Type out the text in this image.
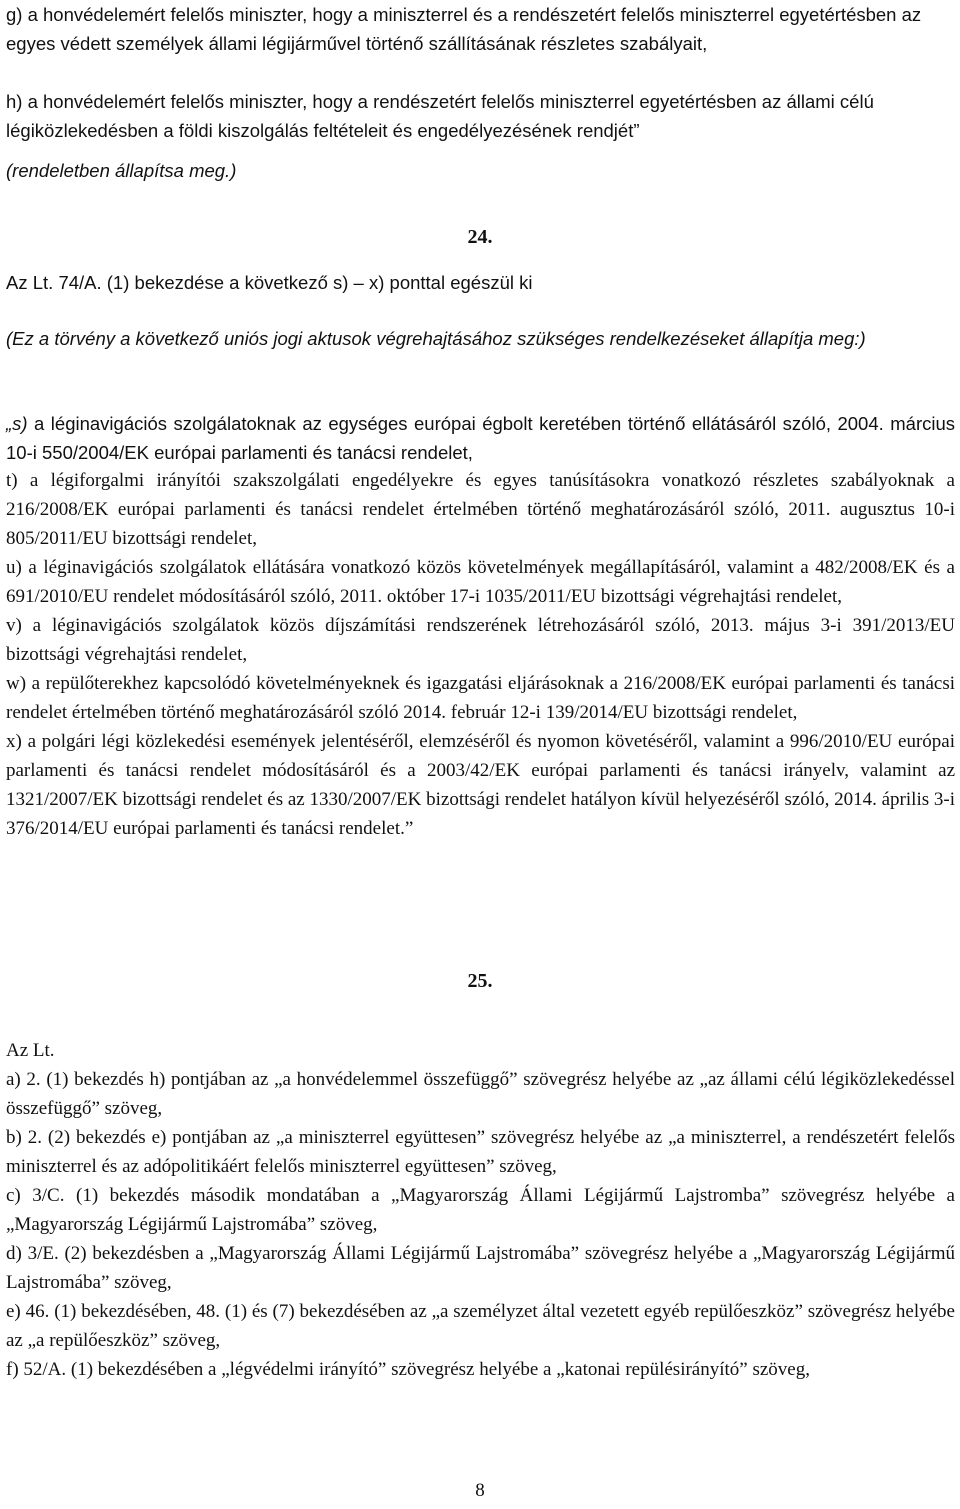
g) a honvédelemért felelős miniszter, hogy a miniszterrel és a rendészetért felelős miniszterrel egyetértésben az egyes védett személyek állami légijárművel történő szállításának részletes szabályait,

h) a honvédelemért felelős miniszter, hogy a rendészetért felelős miniszterrel egyetértésben az állami célú légiközlekedésben a földi kiszolgálás feltételeit és engedélyezésének rendjét”

(rendeletben állapítsa meg.)

24.

Az Lt. 74/A. (1) bekezdése a következő s) – x) ponttal egészül ki

(Ez a törvény a következő uniós jogi aktusok végrehajtásához szükséges rendelkezéseket állapítja meg:)

„s) a léginavigációs szolgálatoknak az egységes európai égbolt keretében történő ellátásáról szóló, 2004. március 10-i 550/2004/EK európai parlamenti és tanácsi rendelet,

t) a légiforgalmi irányítói szakszolgálati engedélyekre és egyes tanúsításokra vonatkozó részletes szabályoknak a 216/2008/EK európai parlamenti és tanácsi rendelet értelmében történő meghatározásáról szóló, 2011. augusztus 10-i 805/2011/EU bizottsági rendelet,

u) a léginavigációs szolgálatok ellátására vonatkozó közös követelmények megállapításáról, valamint a 482/2008/EK és a 691/2010/EU rendelet módosításáról szóló, 2011. október 17-i 1035/2011/EU bizottsági végrehajtási rendelet,

v) a léginavigációs szolgálatok közös díjszámítási rendszerének létrehozásáról szóló, 2013. május 3-i 391/2013/EU bizottsági végrehajtási rendelet,

w) a repülőterekhez kapcsolódó követelményeknek és igazgatási eljárásoknak a 216/2008/EK európai parlamenti és tanácsi rendelet értelmében történő meghatározásáról szóló 2014. február 12-i 139/2014/EU bizottsági rendelet,

x) a polgári légi közlekedési események jelentéséről, elemzéséről és nyomon követéséről, valamint a 996/2010/EU európai parlamenti és tanácsi rendelet módosításáról és a 2003/42/EK európai parlamenti és tanácsi irányelv, valamint az 1321/2007/EK bizottsági rendelet és az 1330/2007/EK bizottsági rendelet hatályon kívül helyezéséről szóló, 2014. április 3-i 376/2014/EU európai parlamenti és tanácsi rendelet.”

25.

Az Lt.

a) 2. (1) bekezdés h) pontjában az „a honvédelemmel összefüggő” szövegrész helyébe az „az állami célú légiközlekedéssel összefüggő” szöveg,

b) 2. (2) bekezdés e) pontjában az „a miniszterrel együttesen” szövegrész helyébe az „a miniszterrel, a rendészetért felelős miniszterrel és az adópolitikáért felelős miniszterrel együttesen” szöveg,

c) 3/C. (1) bekezdés második mondatában a „Magyarország Állami Légijármű Lajstromba” szövegrész helyébe a „Magyarország Légijármű Lajstromába” szöveg,

d) 3/E. (2) bekezdésben a „Magyarország Állami Légijármű Lajstromába” szövegrész helyébe a „Magyarország Légijármű Lajstromába” szöveg,

e) 46. (1) bekezdésében, 48. (1) és (7) bekezdésében az „a személyzet által vezetett egyéb repülőeszköz” szövegrész helyébe az „a repülőeszköz” szöveg,

f) 52/A. (1) bekezdésében a „légvédelmi irányító” szövegrész helyébe a „katonai repülésirányító” szöveg,

8
